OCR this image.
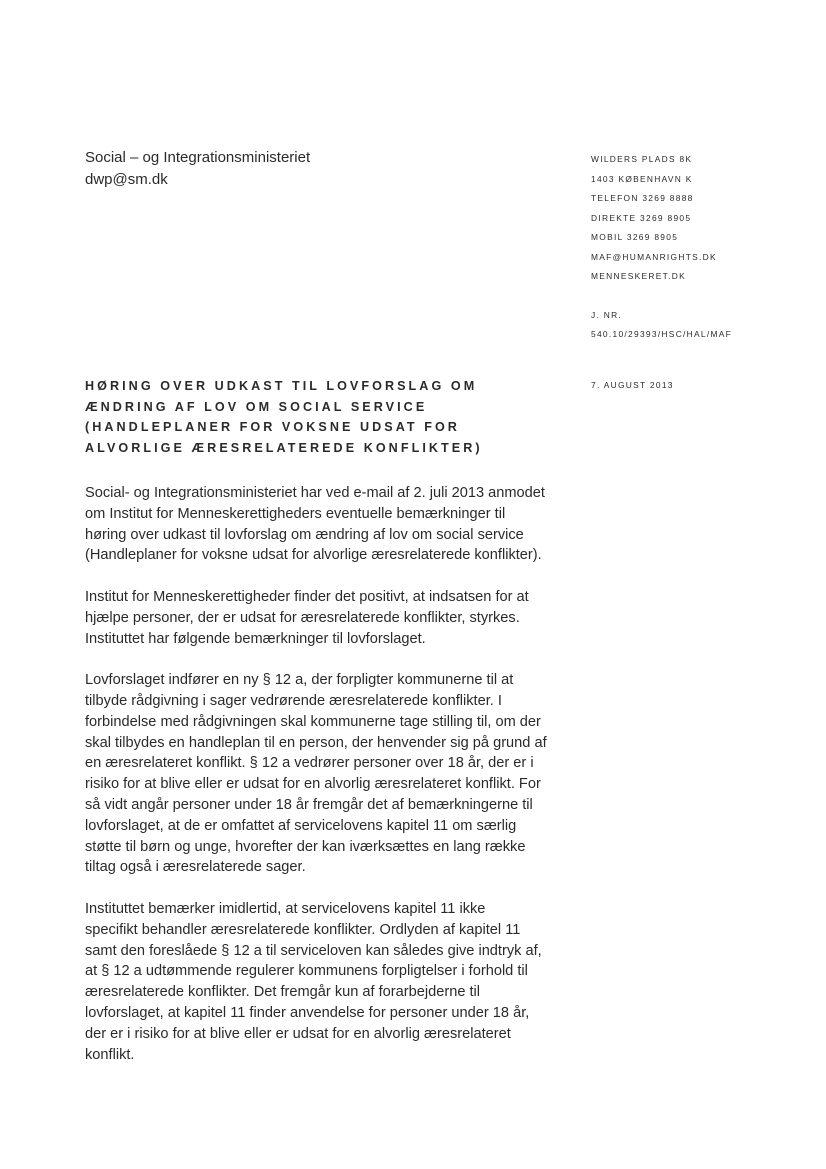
Social – og Integrationsministeriet
dwp@sm.dk
WILDERS PLADS 8K
1403 KØBENHAVN K
TELEFON 3269 8888
DIREKTE 3269 8905
MOBIL 3269 8905
MAF@HUMANRIGHTS.DK
MENNESKERET.DK
J. NR.
540.10/29393/HSC/HAL/MAF
7. AUGUST 2013
HØRING OVER UDKAST TIL LOVFORSLAG OM
ÆNDRING AF LOV OM SOCIAL SERVICE
(HANDLEPLANER FOR VOKSNE UDSAT FOR
ALVORLIGE ÆRESRELATEREDE KONFLIKTER)

Social- og Integrationsministeriet har ved e-mail af 2. juli 2013 anmodet
om Institut for Menneskerettigheders eventuelle bemærkninger til
høring over udkast til lovforslag om ændring af lov om social service
(Handleplaner for voksne udsat for alvorlige æresrelaterede konflikter).

Institut for Menneskerettigheder finder det positivt, at indsatsen for at
hjælpe personer, der er udsat for æresrelaterede konflikter, styrkes.
Instituttet har følgende bemærkninger til lovforslaget.

Lovforslaget indfører en ny § 12 a, der forpligter kommunerne til at
tilbyde rådgivning i sager vedrørende æresrelaterede konflikter. I
forbindelse med rådgivningen skal kommunerne tage stilling til, om der
skal tilbydes en handleplan til en person, der henvender sig på grund af
en æresrelateret konflikt. § 12 a vedrører personer over 18 år, der er i
risiko for at blive eller er udsat for en alvorlig æresrelateret konflikt. For
så vidt angår personer under 18 år fremgår det af bemærkningerne til
lovforslaget, at de er omfattet af servicelovens kapitel 11 om særlig
støtte til børn og unge, hvorefter der kan iværksættes en lang række
tiltag også i æresrelaterede sager.

Instituttet bemærker imidlertid, at servicelovens kapitel 11 ikke
specifikt behandler æresrelaterede konflikter. Ordlyden af kapitel 11
samt den foreslåede § 12 a til serviceloven kan således give indtryk af,
at § 12 a udtømmende regulerer kommunens forpligtelser i forhold til
æresrelaterede konflikter. Det fremgår kun af forarbejderne til
lovforslaget, at kapitel 11 finder anvendelse for personer under 18 år,
der er i risiko for at blive eller er udsat for en alvorlig æresrelateret
konflikt.
